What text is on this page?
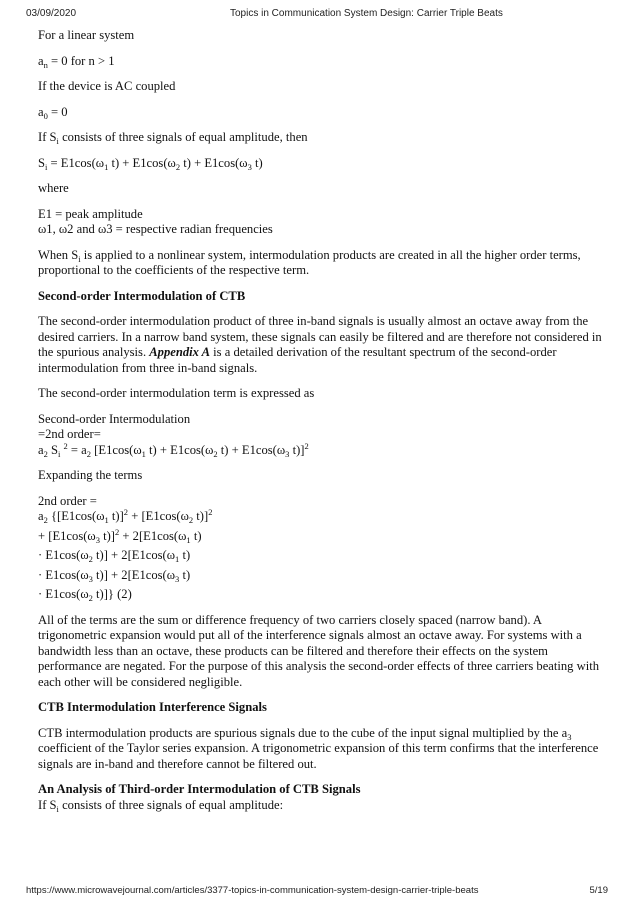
03/09/2020	Topics in Communication System Design: Carrier Triple Beats

For a linear system

$a_n = 0$ for n > 1

If the device is AC coupled

$a_0 = 0$

If $S_i$ consists of three signals of equal amplitude, then

$S_i = E1\cos(\omega_1$ $t) + E1\cos(\omega_2$ $t) + E1\cos(\omega_3$ t)

where

E1 = peak amplitude

ω1, ω2 and ω3 = respective radian frequencies

When $S_i$ is applied to a nonlinear system, intermodulation products are created in all the higher order terms, proportional to the coefficients of the respective term.

Second-order Intermodulation of CTB

The second-order intermodulation product of three in-band signals is usually almost an octave away from the desired carriers. In a narrow band system, these signals can easily be filtered and are therefore not considered in the spurious analysis. Appendix A is a detailed derivation of the resultant spectrum of the second-order intermodulation from three in-band signals.

The second-order intermodulation term is expressed as

Second-order Intermodulation

=2nd order=

$a_2$ $S_i$ $^2 = a_2$ [$E1\cos(\omega_1$ $t) + E1\cos(\omega_2$ $t) + E1\cos(\omega_3$ t)]$^2$

Expanding the terms

2nd order =

$a_2$ {[$E1\cos(\omega_1$ $t)]^2 + [E1\cos(\omega_2$ t)]$^2$

+ [$E1\cos(\omega_3$ $t)]^2 + 2[E1\cos(\omega_1$ t)

· $E1\cos(\omega_2$ $t)] + 2[E1\cos(\omega_1$ t)

· $E1\cos(\omega_3$ $t)] + 2[E1\cos(\omega_3$ t)

· $E1\cos(\omega_2$ t)]} (2)

All of the terms are the sum or difference frequency of two carriers closely spaced (narrow band). A trigonometric expansion would put all of the interference signals almost an octave away. For systems with a bandwidth less than an octave, these products can be filtered and therefore their effects on the system performance are negated. For the purpose of this analysis the second-order effects of three carriers beating with each other will be considered negligible.

CTB Intermodulation Interference Signals

CTB intermodulation products are spurious signals due to the cube of the input signal multiplied by the $a_3$ coefficient of the Taylor series expansion. A trigonometric expansion of this term confirms that the interference signals are in-band and therefore cannot be filtered out.

An Analysis of Third-order Intermodulation of CTB Signals

If $S_i$ consists of three signals of equal amplitude:

https://www.microwavejournal.com/articles/3377-topics-in-communication-system-design-carrier-triple-beats	5/19
